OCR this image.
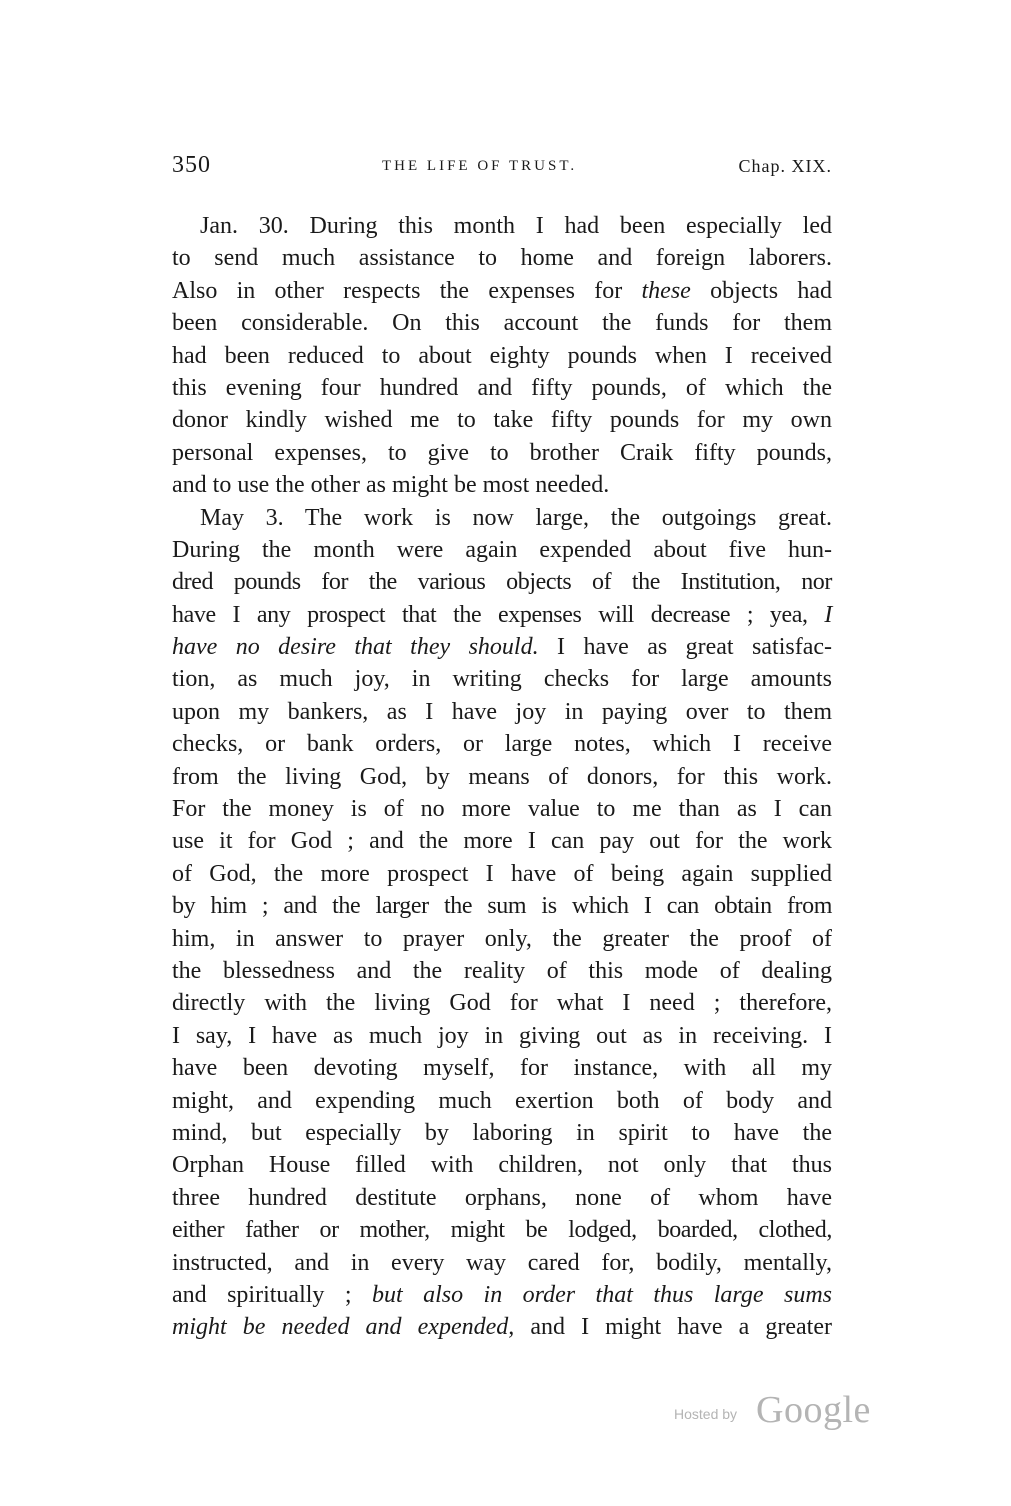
350	THE LIFE OF TRUST.	Chap. XIX.
Jan. 30. During this month I had been especially led
to send much assistance to home and foreign laborers.
Also in other respects the expenses for these objects had
been considerable. On this account the funds for them
had been reduced to about eighty pounds when I received
this evening four hundred and fifty pounds, of which the
donor kindly wished me to take fifty pounds for my own
personal expenses, to give to brother Craik fifty pounds,
and to use the other as might be most needed.
May 3. The work is now large, the outgoings great.
During the month were again expended about five hun-
dred pounds for the various objects of the Institution, nor
have I any prospect that the expenses will decrease ; yea, I
have no desire that they should. I have as great satisfac-
tion, as much joy, in writing checks for large amounts
upon my bankers, as I have joy in paying over to them
checks, or bank orders, or large notes, which I receive
from the living God, by means of donors, for this work.
For the money is of no more value to me than as I can
use it for God ; and the more I can pay out for the work
of God, the more prospect I have of being again supplied
by him ; and the larger the sum is which I can obtain from
him, in answer to prayer only, the greater the proof of
the blessedness and the reality of this mode of dealing
directly with the living God for what I need ; therefore,
I say, I have as much joy in giving out as in receiving. I
have been devoting myself, for instance, with all my
might, and expending much exertion both of body and
mind, but especially by laboring in spirit to have the
Orphan House filled with children, not only that thus
three hundred destitute orphans, none of whom have
either father or mother, might be lodged, boarded, clothed,
instructed, and in every way cared for, bodily, mentally,
and spiritually ; but also in order that thus large sums
might be needed and expended, and I might have a greater
Hosted by Google
